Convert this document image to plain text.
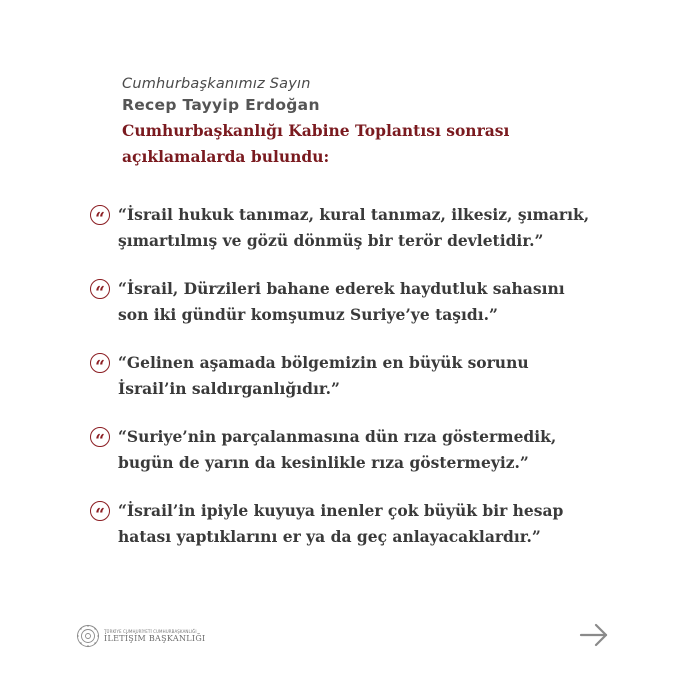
Cumhurbaşkanımız Sayın
Recep Tayyip Erdoğan
Cumhurbaşkanlığı Kabine Toplantısı sonrası
açıklamalarda bulundu:
“ “İsrail hukuk tanımaz, kural tanımaz, ilkesiz, şımarık,
şımartılmış ve gözü dönmüş bir terör devletidir.”
“ “İsrail, Dürzileri bahane ederek haydutluk sahasını
son iki gündür komşumuz Suriye’ye taşıdı.”
“ “Gelinen aşamada bölgemizin en büyük sorunu
İsrail’in saldırganlığıdır.”
“ “Suriye’nin parçalanmasına dün rıza göstermedik,
bugün de yarın da kesinlikle rıza göstermeyiz.”
“ “İsrail’in ipiyle kuyuya inenler çok büyük bir hesap
hatası yaptıklarını er ya da geç anlayacaklardır.”
TÜRKİYE CUMHURİYETİ CUMHURBAŞKANLIĞI
İLETİŞİM BAŞKANLIĞI
